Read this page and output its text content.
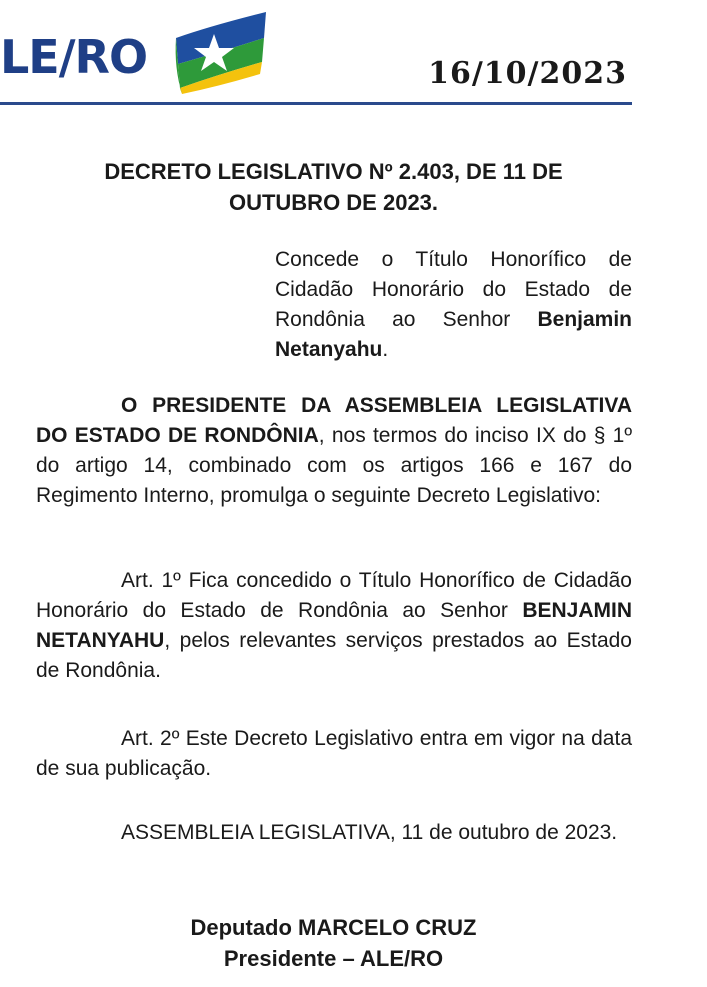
LE/RO	16/10/2023
DECRETO LEGISLATIVO Nº 2.403, DE 11 DE
OUTUBRO DE 2023.
Concede o Título Honorífico de Cidadão Honorário do Estado de Rondônia ao Senhor Benjamin Netanyahu.
O PRESIDENTE DA ASSEMBLEIA LEGISLATIVA DO ESTADO DE RONDÔNIA, nos termos do inciso IX do § 1º do artigo 14, combinado com os artigos 166 e 167 do Regimento Interno, promulga o seguinte Decreto Legislativo:
Art. 1º Fica concedido o Título Honorífico de Cidadão Honorário do Estado de Rondônia ao Senhor BENJAMIN NETANYAHU, pelos relevantes serviços prestados ao Estado de Rondônia.
Art. 2º Este Decreto Legislativo entra em vigor na data de sua publicação.
ASSEMBLEIA LEGISLATIVA, 11 de outubro de 2023.
Deputado MARCELO CRUZ
Presidente – ALE/RO
